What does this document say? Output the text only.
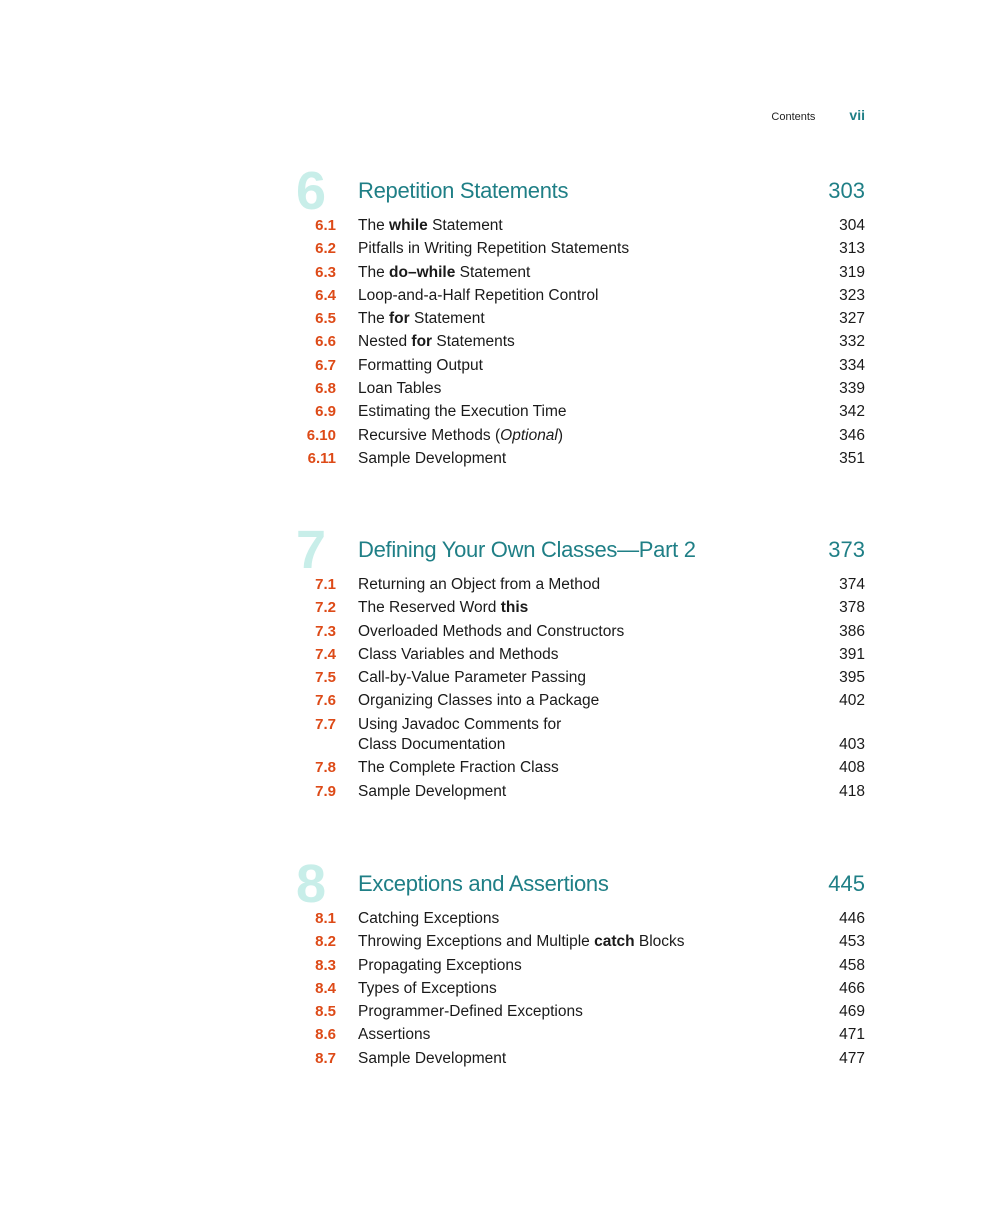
Contents vii
6 Repetition Statements	303
6.1 The while Statement	304
6.2 Pitfalls in Writing Repetition Statements	313
6.3 The do–while Statement	319
6.4 Loop-and-a-Half Repetition Control	323
6.5 The for Statement	327
6.6 Nested for Statements	332
6.7 Formatting Output	334
6.8 Loan Tables	339
6.9 Estimating the Execution Time	342
6.10 Recursive Methods (Optional)	346
6.11 Sample Development	351
7 Defining Your Own Classes—Part 2	373
7.1 Returning an Object from a Method	374
7.2 The Reserved Word this	378
7.3 Overloaded Methods and Constructors	386
7.4 Class Variables and Methods	391
7.5 Call-by-Value Parameter Passing	395
7.6 Organizing Classes into a Package	402
7.7 Using Javadoc Comments for
Class Documentation	403
7.8 The Complete Fraction Class	408
7.9 Sample Development	418
8 Exceptions and Assertions	445
8.1 Catching Exceptions	446
8.2 Throwing Exceptions and Multiple catch Blocks	453
8.3 Propagating Exceptions	458
8.4 Types of Exceptions	466
8.5 Programmer-Defined Exceptions	469
8.6 Assertions	471
8.7 Sample Development	477
